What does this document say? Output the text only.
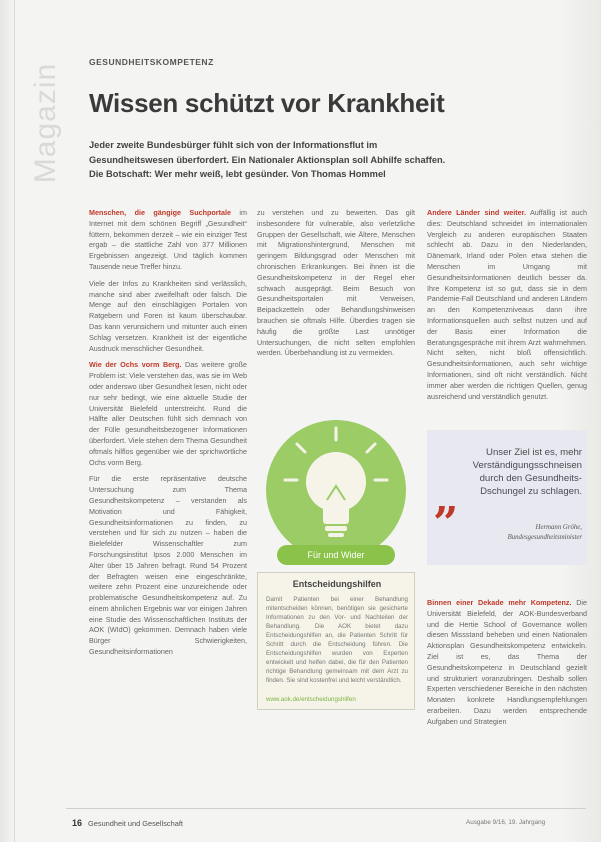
Magazin
GESUNDHEITSKOMPETENZ
Wissen schützt vor Krankheit
Jeder zweite Bundesbürger fühlt sich von der Informationsflut im Gesundheitswesen überfordert. Ein Nationaler Aktionsplan soll Abhilfe schaffen. Die Botschaft: Wer mehr weiß, lebt gesünder. Von Thomas Hommel

Menschen, die gängige Suchportale im Internet mit dem schönen Begriff „Gesundheit“ füttern, bekommen derzeit – wie ein einziger Test ergab – die stattliche Zahl von 377 Millionen Ergebnissen angezeigt. Und täglich kommen Tausende neue Treffer hinzu.

Viele der Infos zu Krankheiten sind verlässlich, manche sind aber zweifelhaft oder falsch. Die Menge auf den einschlägigen Portalen von Ratgebern und Foren ist kaum überschaubar. Das kann verunsichern und mitunter auch einen Schlag versetzen. Krankheit ist der eigentliche Ausdruck menschlicher Gesundheit.

Wie der Ochs vorm Berg. Das weitere große Problem ist: Viele verstehen das, was sie im Web oder anderswo über Gesundheit lesen, nicht oder nur sehr bedingt, wie eine aktuelle Studie der Universität Bielefeld unterstreicht. Rund die Hälfte aller Deutschen fühlt sich demnach von der Fülle gesundheitsbezogener Informationen überfordert. Viele stehen dem Thema Gesundheit oftmals hilflos gegenüber wie der sprichwörtliche Ochs vorm Berg.

Für die erste repräsentative deutsche Untersuchung zum Thema Gesundheitskompetenz – verstanden als Motivation und Fähigkeit, Gesundheitsinformationen zu finden, zu verstehen und für sich zu nutzen – haben die Bielefelder Wissenschaftler zum Forschungsinstitut Ipsos 2.000 Menschen im Alter über 15 Jahren befragt. Rund 54 Prozent der Befragten weisen eine eingeschränkte, weitere zehn Prozent eine unzureichende oder problematische Gesundheitskompetenz auf. Zu einem ähnlichen Ergebnis war vor einigen Jahren eine Studie des Wissenschaftlichen Instituts der AOK (WIdO) gekommen. Demnach haben viele Bürger Schwierigkeiten, Gesundheitsinformationen

zu verstehen und zu bewerten. Das gilt insbesondere für vulnerable, also verletzliche Gruppen der Gesellschaft, wie Ältere, Menschen mit Migrationshintergrund, Menschen mit geringem Bildungsgrad oder Menschen mit chronischen Erkrankungen. Bei ihnen ist die Gesundheitskompetenz in der Regel eher schwach ausgeprägt. Beim Besuch von Gesundheitsportalen mit Verweisen, Beipackzetteln oder Behandlungshinweisen brauchen sie oftmals Hilfe. Überdies tragen sie häufig die größte Last unnötiger Untersuchungen, die nicht selten empfohlen werden. Überbehandlung ist zu vermeiden.

Für und Wider
Entscheidungshilfen
Damit Patienten bei einer Behandlung mitentscheiden können, benötigen sie gesicherte Informationen zu den Vor- und Nachteilen der Behandlung. Die AOK bietet dazu Entscheidungshilfen an, die Patienten Schritt für Schritt durch die Entscheidung führen. Die Entscheidungshilfen wurden von Experten entwickelt und helfen dabei, die für den Patienten richtige Behandlung gemeinsam mit dem Arzt zu finden. Sie sind kostenfrei und leicht verständlich.
www.aok.de/entscheidungshilfen

Andere Länder sind weiter. Auffällig ist auch dies: Deutschland schneidet im internationalen Vergleich zu anderen europäischen Staaten schlecht ab. Dazu in den Niederlanden, Dänemark, Irland oder Polen etwa stehen die Menschen im Umgang mit Gesundheitsinformationen deutlich besser da. Ihre Kompetenz ist so gut, dass sie in dem Pandemie-Fall Deutschland und anderen Ländern an den Kompetenzniveaus dann ihre Informationsquellen auch selbst nutzen und auf der Basis einer Information die Beratungsgespräche mit ihrem Arzt wahrnehmen. Nicht selten, nicht bloß offensichtlich. Gesundheitsinformationen, auch sehr wichtige Informationen, sind oft nicht verständlich. Nicht immer aber werden die richtigen Quellen, genug ausreichend und verständlich genutzt.

Unser Ziel ist es, mehr Verständigungsschneisen durch den Gesundheits-Dschungel zu schlagen.
”	Hermann Gröhe, Bundesgesundheitsminister

Binnen einer Dekade mehr Kompetenz. Die Universität Bielefeld, der AOK-Bundesverband und die Hertie School of Governance wollen diesen Missstand beheben und einen Nationalen Aktionsplan Gesundheitskompetenz entwickeln. Ziel ist es, das Thema der Gesundheitskompetenz in Deutschland gezielt und strukturiert voranzubringen. Deshalb sollen Experten verschiedener Bereiche in den nächsten Monaten konkrete Handlungsempfehlungen erarbeiten. Dazu werden entsprechende Aufgaben und Strategien

16 Gesundheit und Gesellschaft	Ausgabe 9/16, 19. Jahrgang
